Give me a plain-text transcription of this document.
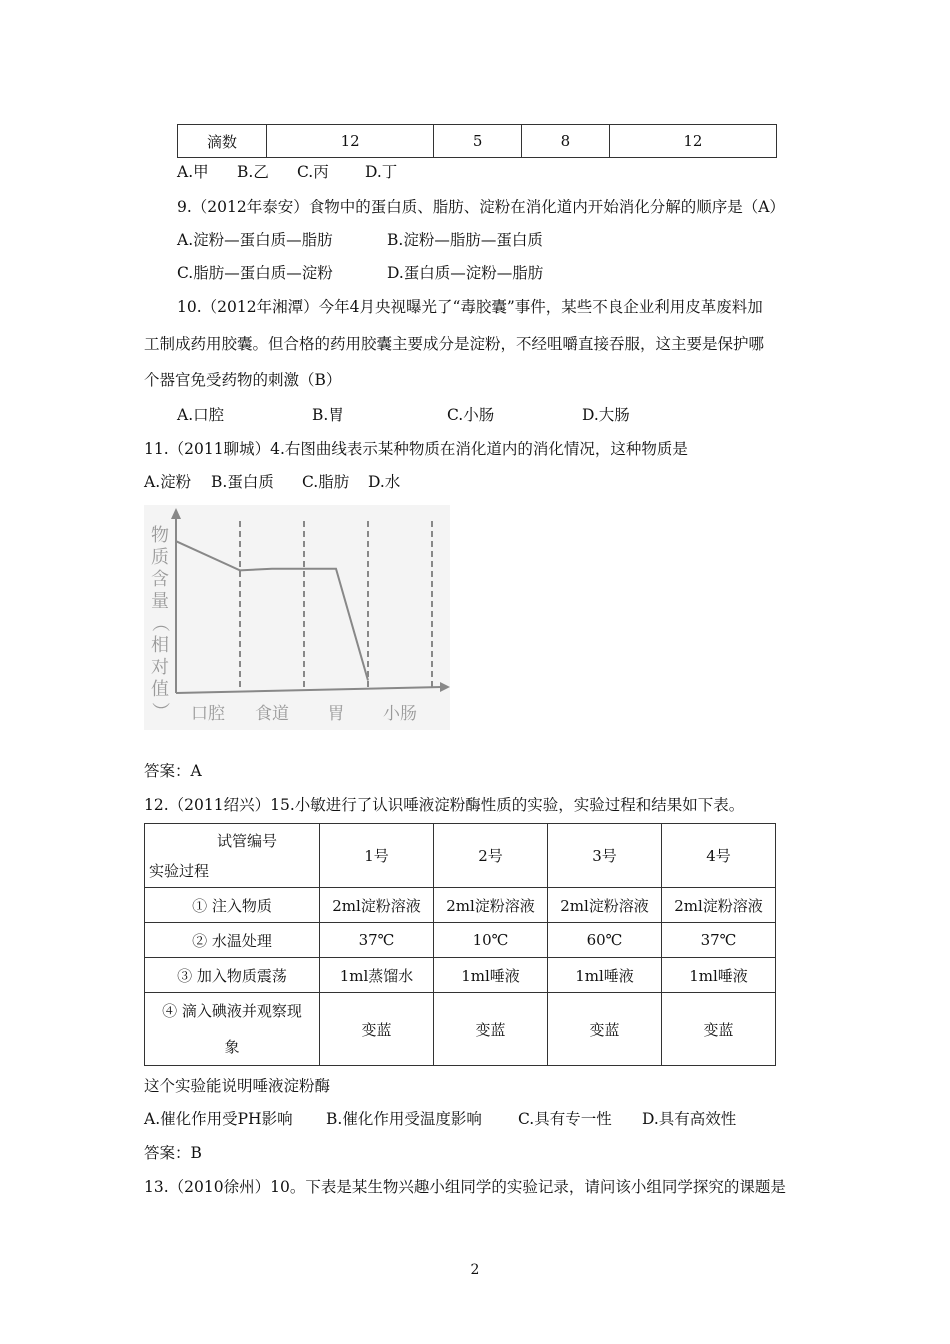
滴数	12	5	8	12
A.甲 B.乙 C.丙 D.丁
9.（2012年泰安）食物中的蛋白质、脂肪、淀粉在消化道内开始消化分解的顺序是（A）
A.淀粉—蛋白质—脂肪	B.淀粉—脂肪—蛋白质
C.脂肪—蛋白质—淀粉	D.蛋白质—淀粉—脂肪
10.（2012年湘潭）今年4月央视曝光了“毒胶囊”事件，某些不良企业利用皮革废料加
工制成药用胶囊。但合格的药用胶囊主要成分是淀粉，不经咀嚼直接吞服，这主要是保护哪
个器官免受药物的刺激（B）
A.口腔	B.胃	C.小肠	D.大肠
11.（2011聊城）4.右图曲线表示某种物质在消化道内的消化情况，这种物质是
A.淀粉 B.蛋白质 C.脂肪 D.水
物
质
含
量
（
相
对
值
） 口腔 食道 胃 小肠
答案：A
12.（2011绍兴）15.小敏进行了认识唾液淀粉酶性质的实验，实验过程和结果如下表。
试管编号
实验过程	1号	2号	3号	4号
① 注入物质	2ml淀粉溶液	2ml淀粉溶液	2ml淀粉溶液	2ml淀粉溶液
② 水温处理	37℃	10℃	60℃	37℃
③ 加入物质震荡	1ml蒸馏水	1ml唾液	1ml唾液	1ml唾液
④ 滴入碘液并观察现象	变蓝	变蓝	变蓝	变蓝
这个实验能说明唾液淀粉酶
A.催化作用受PH影响 B.催化作用受温度影响 C.具有专一性 D.具有高效性
答案：B
13.（2010徐州）10。下表是某生物兴趣小组同学的实验记录，请问该小组同学探究的课题是
2
